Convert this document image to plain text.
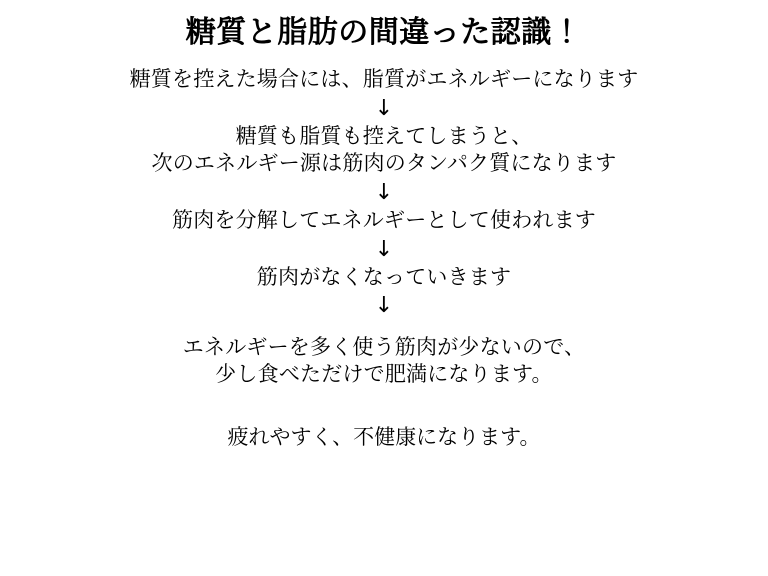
糖質と脂肪の間違った認識！
糖質を控えた場合には、脂質がエネルギーになります
↓
糖質も脂質も控えてしまうと、
次のエネルギー源は筋肉のタンパク質になります
↓
筋肉を分解してエネルギーとして使われます
↓
筋肉がなくなっていきます
↓
エネルギーを多く使う筋肉が少ないので、
少し食べただけで肥満になります。
疲れやすく、不健康になります。
